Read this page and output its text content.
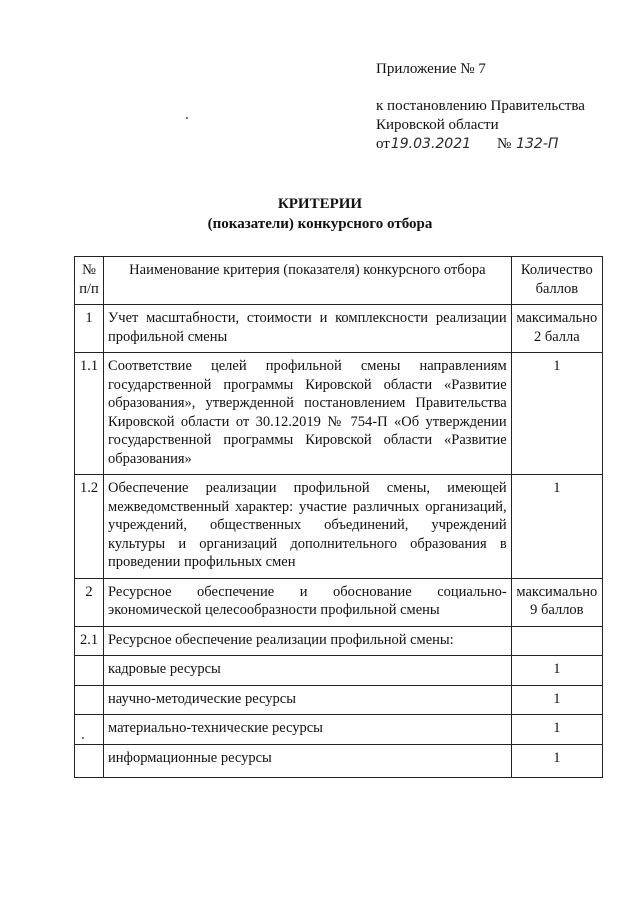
Приложение № 7
к постановлению Правительства
Кировской области
от19.03.2021 № 132-П
КРИТЕРИИ
(показатели) конкурсного отбора
№ п/п	Наименование критерия (показателя) конкурсного отбора	Количество баллов
1	Учет масштабности, стоимости и комплексности реализации профильной смены	максимально 2 балла
1.1	Соответствие целей профильной смены направлениям государственной программы Кировской области «Развитие образования», утвержденной постановлением Правительства Кировской области от 30.12.2019 № 754-П «Об утверждении государственной программы Кировской области «Развитие образования»	1
1.2	Обеспечение реализации профильной смены, имеющей межведомственный характер: участие различных организаций, учреждений, общественных объединений, учреждений культуры и организаций дополнительного образования в проведении профильных смен	1
2	Ресурсное обеспечение и обоснование социально-экономической целесообразности профильной смены	максимально 9 баллов
2.1	Ресурсное обеспечение реализации профильной смены:	
	кадровые ресурсы	1
	научно-методические ресурсы	1
	материально-технические ресурсы	1
	информационные ресурсы	1
